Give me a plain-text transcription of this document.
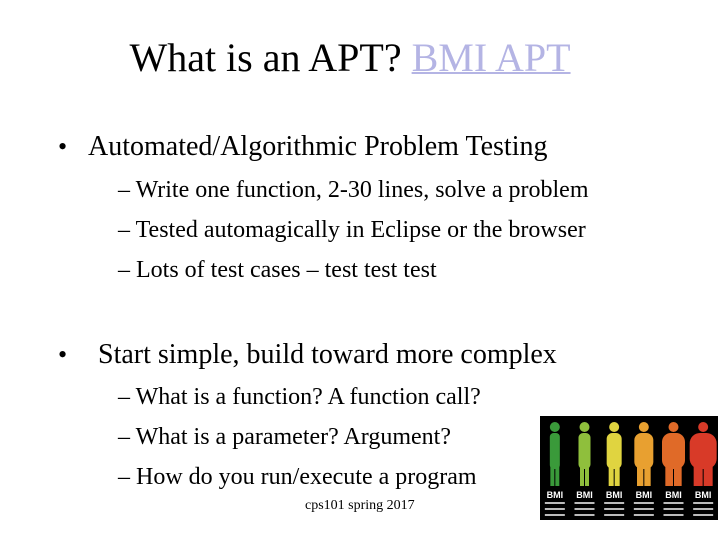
What is an APT? BMI APT
• Automated/Algorithmic Problem Testing
– Write one function, 2-30 lines, solve a problem
– Tested automagically in Eclipse or the browser
– Lots of test cases – test test test
• Start simple, build toward more complex
– What is a function? A function call?
– What is a parameter? Argument?
– How do you run/execute a program
cps101 spring 2017
BMI BMI BMI BMI BMI BMI
